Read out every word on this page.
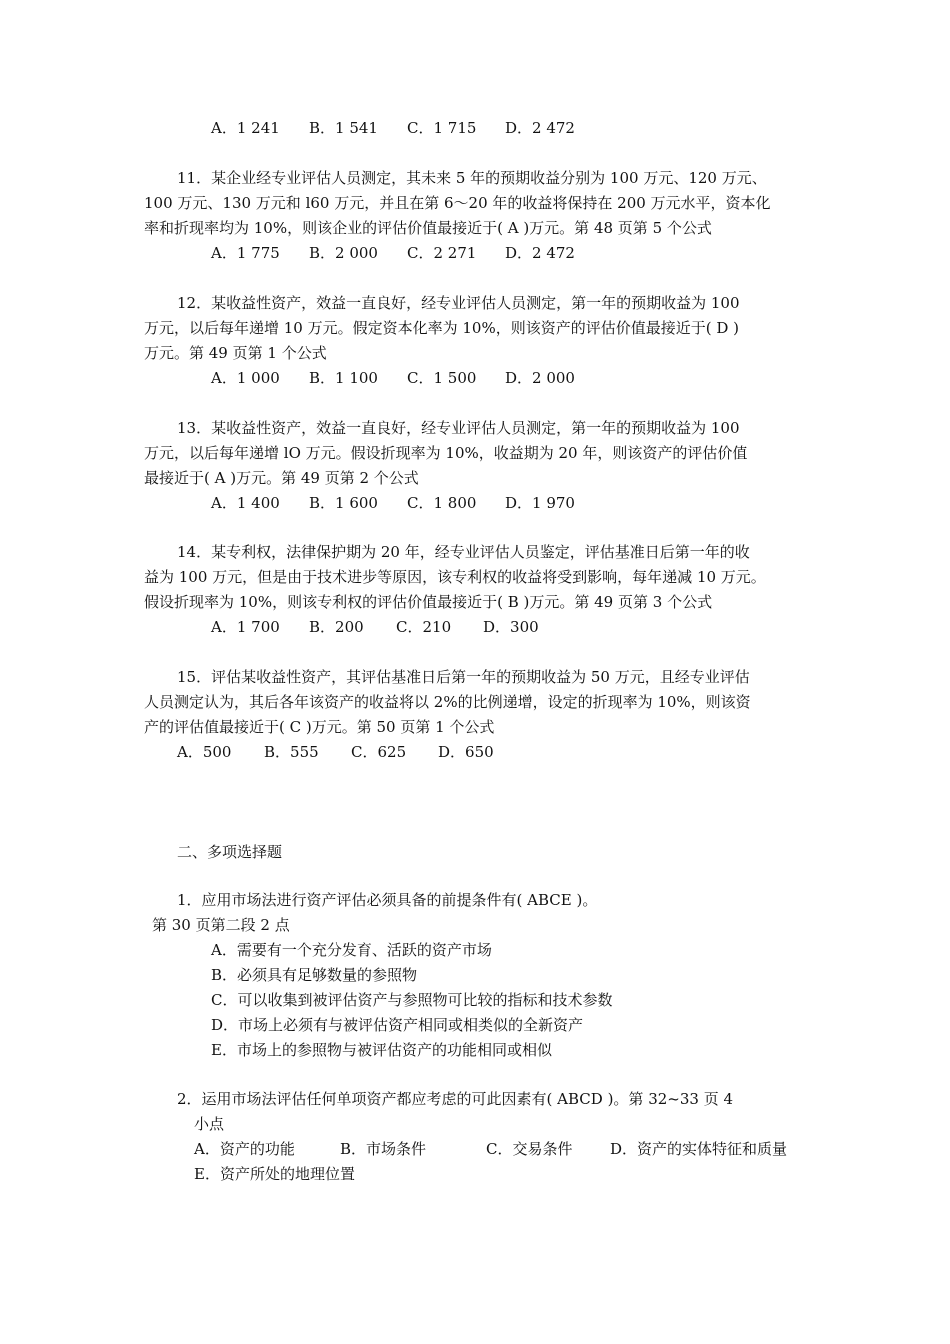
A．1 241 B．1 541 C．1 715 D．2 472
11．某企业经专业评估人员测定，其未来 5 年的预期收益分别为 100 万元、120 万元、
100 万元、130 万元和 l60 万元，并且在第 6～20 年的收益将保持在 200 万元水平，资本化
率和折现率均为 10%，则该企业的评估价值最接近于( A )万元。第 48 页第 5 个公式
A．1 775 B．2 000 C．2 271 D．2 472
12．某收益性资产，效益一直良好，经专业评估人员测定，第一年的预期收益为 100
万元，以后每年递增 10 万元。假定资本化率为 10%，则该资产的评估价值最接近于( D )
万元。第 49 页第 1 个公式
A．1 000 B．1 100 C．1 500 D．2 000
13．某收益性资产，效益一直良好，经专业评估人员测定，第一年的预期收益为 100
万元，以后每年递增 lO 万元。假设折现率为 10%，收益期为 20 年，则该资产的评估价值
最接近于( A )万元。第 49 页第 2 个公式
A．1 400 B．1 600 C．1 800 D．1 970
14．某专利权，法律保护期为 20 年，经专业评估人员鉴定，评估基准日后第一年的收
益为 100 万元，但是由于技术进步等原因，该专利权的收益将受到影响，每年递减 10 万元。
假设折现率为 10%，则该专利权的评估价值最接近于( B )万元。第 49 页第 3 个公式
A．1 700 B．200 C．210 D．300
15．评估某收益性资产，其评估基准日后第一年的预期收益为 50 万元，且经专业评估
人员测定认为，其后各年该资产的收益将以 2%的比例递增，设定的折现率为 10%，则该资
产的评估值最接近于( C )万元。第 50 页第 1 个公式
A．500 B．555 C．625 D．650
二、多项选择题
1．应用市场法进行资产评估必须具备的前提条件有( ABCE )。
第 30 页第二段 2 点
A．需要有一个充分发育、活跃的资产市场
B．必须具有足够数量的参照物
C．可以收集到被评估资产与参照物可比较的指标和技术参数
D．市场上必须有与被评估资产相同或相类似的全新资产
E．市场上的参照物与被评估资产的功能相同或相似
2．运用市场法评估任何单项资产都应考虑的可此因素有( ABCD )。第 32~33 页 4
小点
A．资产的功能	B．市场条件	C．交易条件	D．资产的实体特征和质量
E．资产所处的地理位置
